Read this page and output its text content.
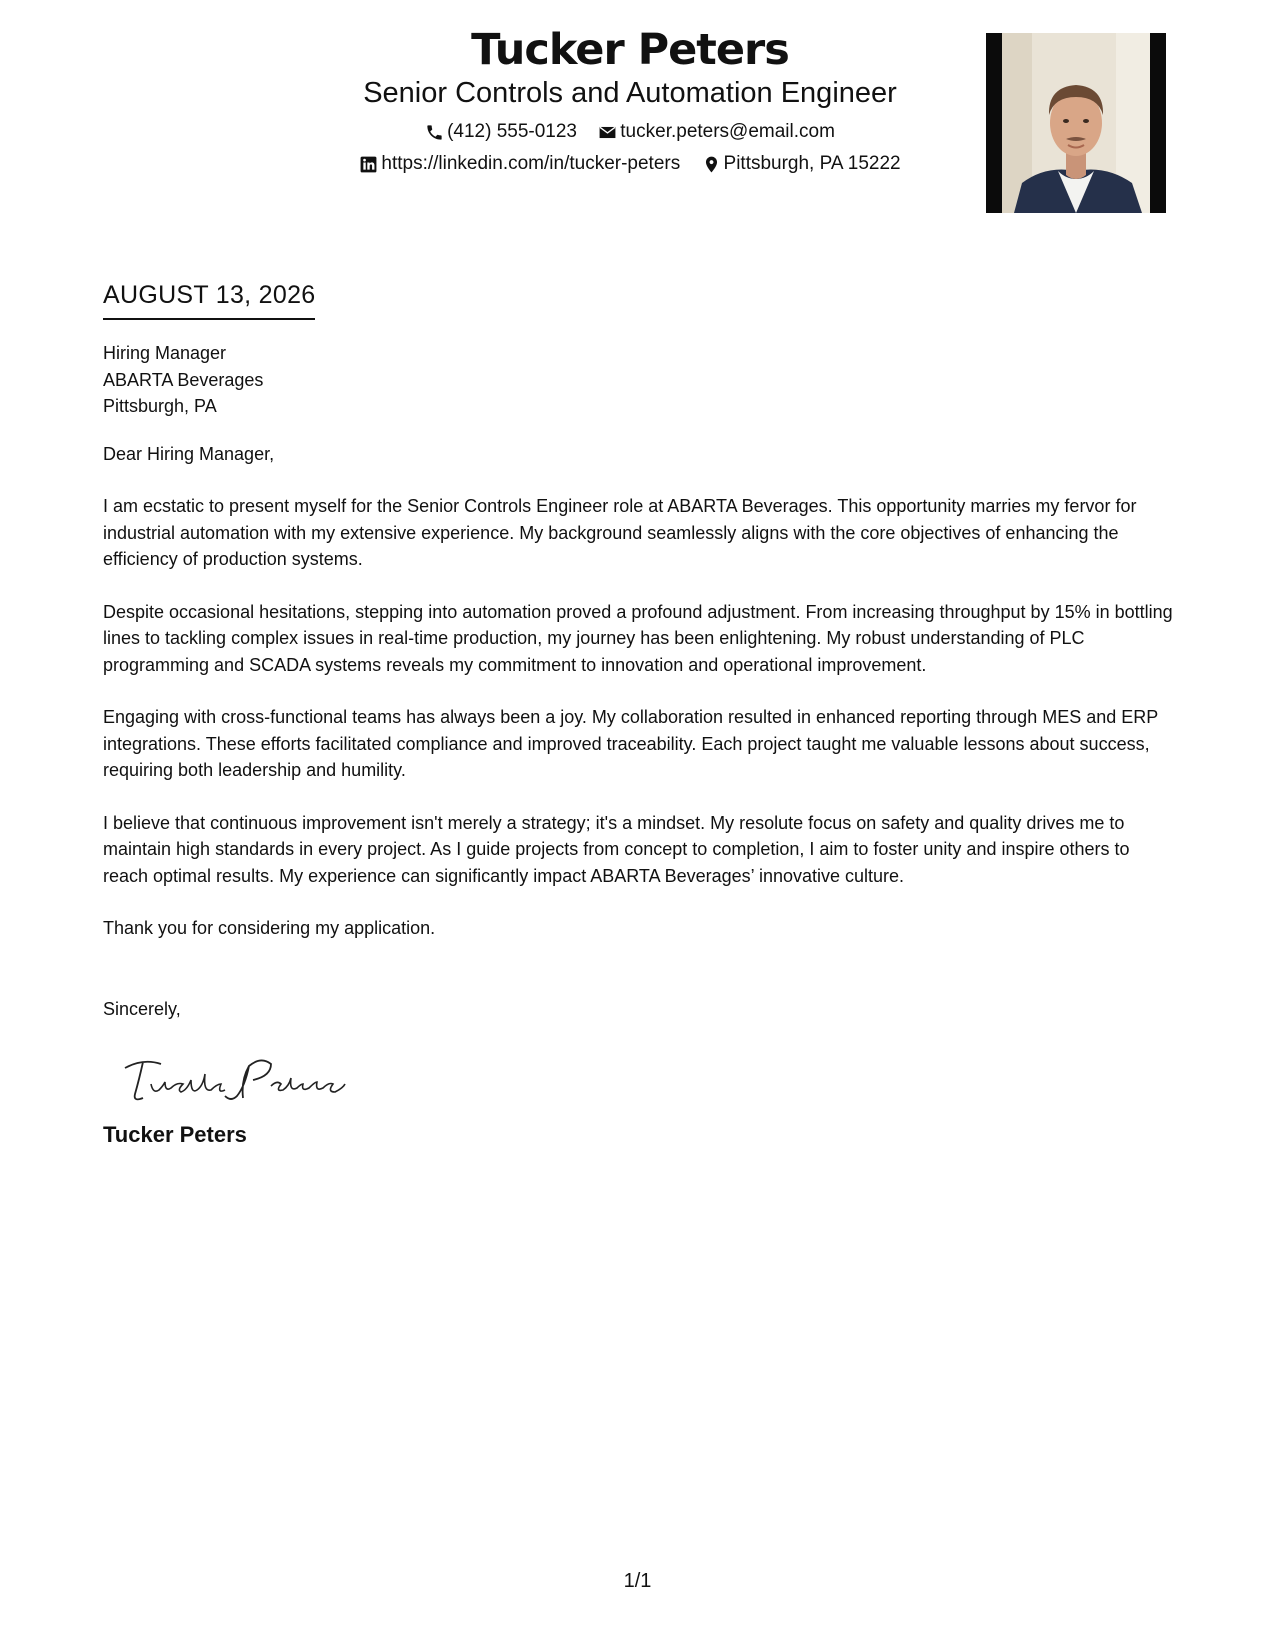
Tucker Peters
Senior Controls and Automation Engineer
(412) 555-0123
tucker.peters@email.com
https://linkedin.com/in/tucker-peters
Pittsburgh, PA 15222
AUGUST 13, 2026

Hiring Manager

ABARTA Beverages

Pittsburgh, PA

Dear Hiring Manager,

I am ecstatic to present myself for the Senior Controls Engineer role at ABARTA Beverages. This opportunity marries my fervor for industrial automation with my extensive experience. My background seamlessly aligns with the core objectives of enhancing the efficiency of production systems.

Despite occasional hesitations, stepping into automation proved a profound adjustment. From increasing throughput by 15% in bottling lines to tackling complex issues in real-time production, my journey has been enlightening. My robust understanding of PLC programming and SCADA systems reveals my commitment to innovation and operational improvement.

Engaging with cross-functional teams has always been a joy. My collaboration resulted in enhanced reporting through MES and ERP integrations. These efforts facilitated compliance and improved traceability. Each project taught me valuable lessons about success, requiring both leadership and humility.

I believe that continuous improvement isn't merely a strategy; it's a mindset. My resolute focus on safety and quality drives me to maintain high standards in every project. As I guide projects from concept to completion, I aim to foster unity and inspire others to reach optimal results. My experience can significantly impact ABARTA Beverages’ innovative culture.

Thank you for considering my application.

Sincerely,

Tucker Peters

1/1
